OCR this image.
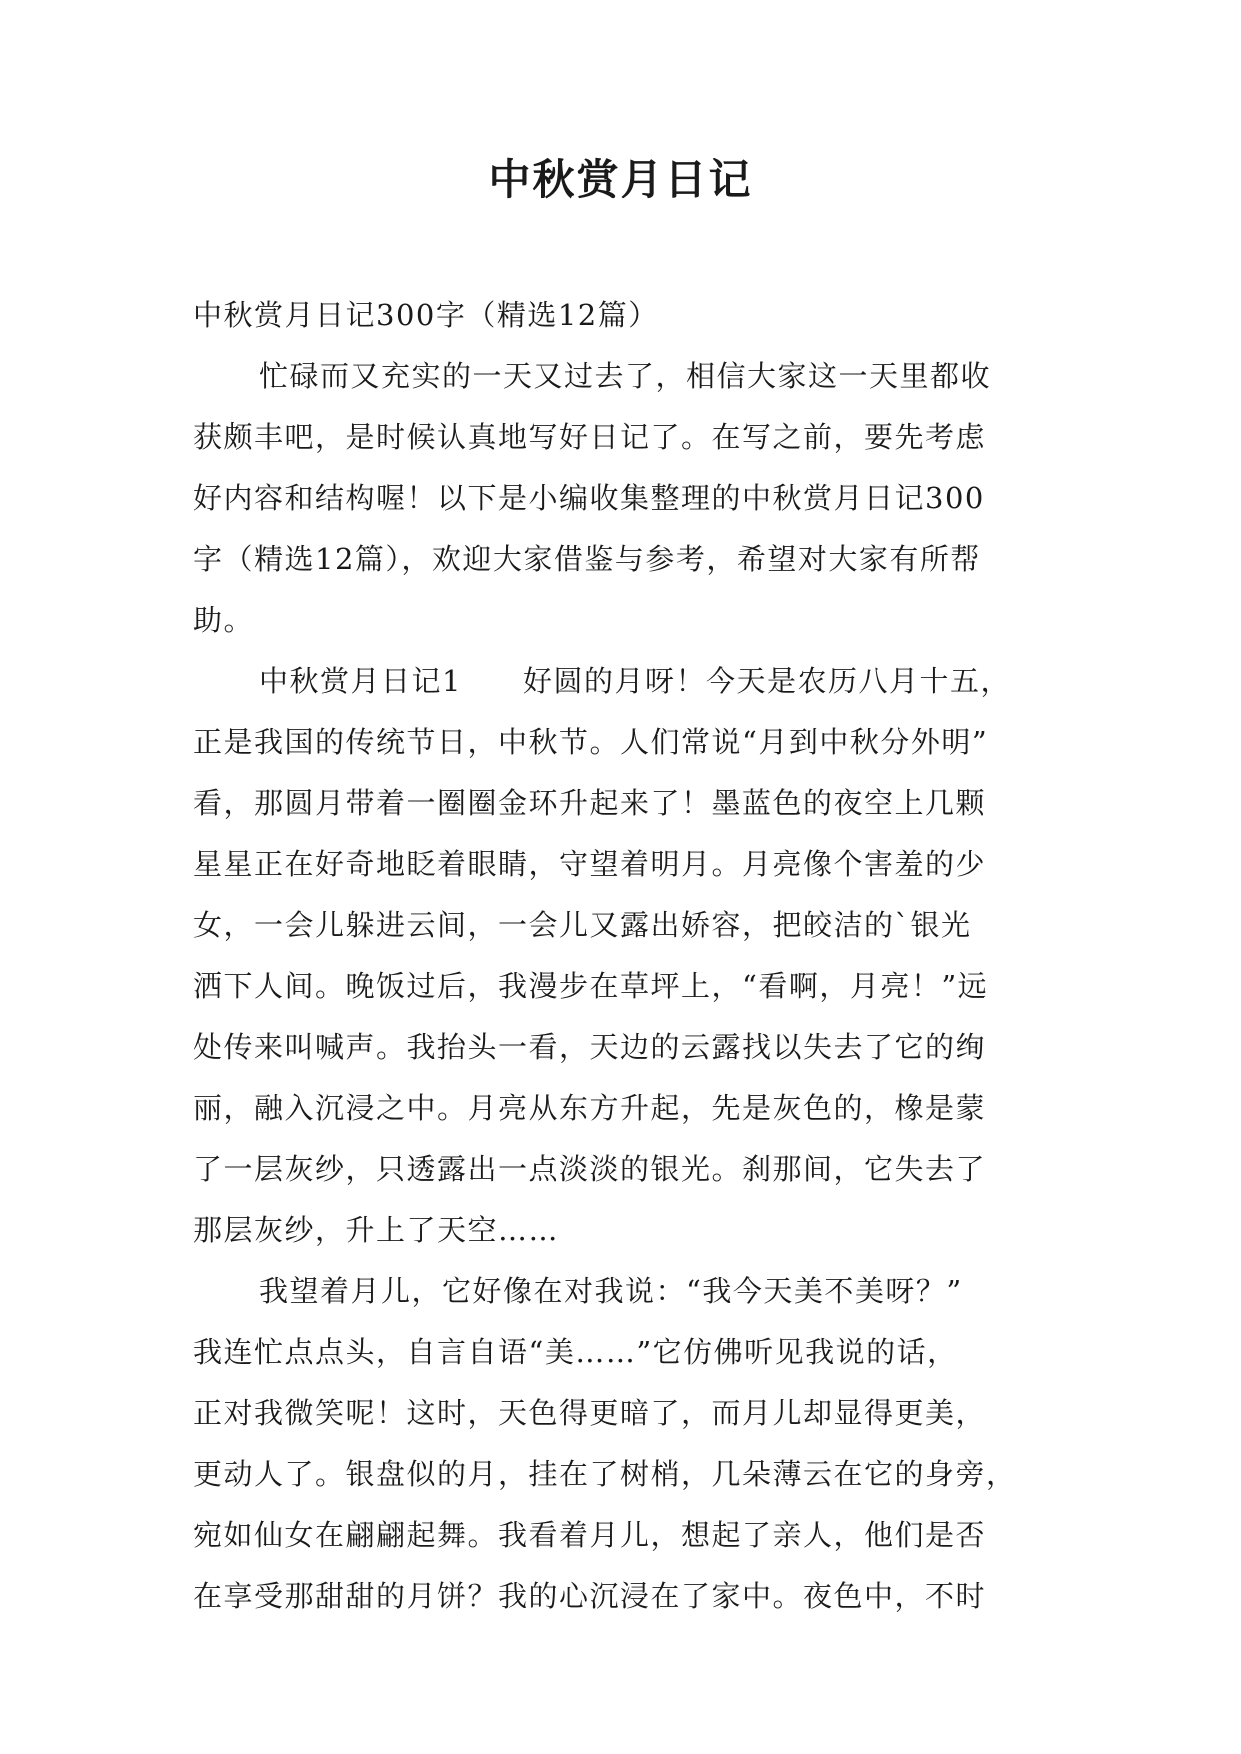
中秋赏月日记
中秋赏月日记300字（精选12篇）
忙碌而又充实的一天又过去了，相信大家这一天里都收
获颇丰吧，是时候认真地写好日记了。在写之前，要先考虑
好内容和结构喔！以下是小编收集整理的中秋赏月日记300
字（精选12篇），欢迎大家借鉴与参考，希望对大家有所帮
助。
中秋赏月日记1　　好圆的月呀！今天是农历八月十五，
正是我国的传统节日，中秋节。人们常说“月到中秋分外明”
看，那圆月带着一圈圈金环升起来了！墨蓝色的夜空上几颗
星星正在好奇地眨着眼睛，守望着明月。月亮像个害羞的少
女，一会儿躲进云间，一会儿又露出娇容，把皎洁的`银光
洒下人间。晚饭过后，我漫步在草坪上，“看啊，月亮！”远
处传来叫喊声。我抬头一看，天边的云露找以失去了它的绚
丽，融入沉浸之中。月亮从东方升起，先是灰色的，橡是蒙
了一层灰纱，只透露出一点淡淡的银光。刹那间，它失去了
那层灰纱，升上了天空……
我望着月儿，它好像在对我说：“我今天美不美呀？”
我连忙点点头，自言自语“美……”它仿佛听见我说的话，
正对我微笑呢！这时，天色得更暗了，而月儿却显得更美，
更动人了。银盘似的月，挂在了树梢，几朵薄云在它的身旁，
宛如仙女在翩翩起舞。我看着月儿，想起了亲人，他们是否
在享受那甜甜的月饼？我的心沉浸在了家中。夜色中，不时
